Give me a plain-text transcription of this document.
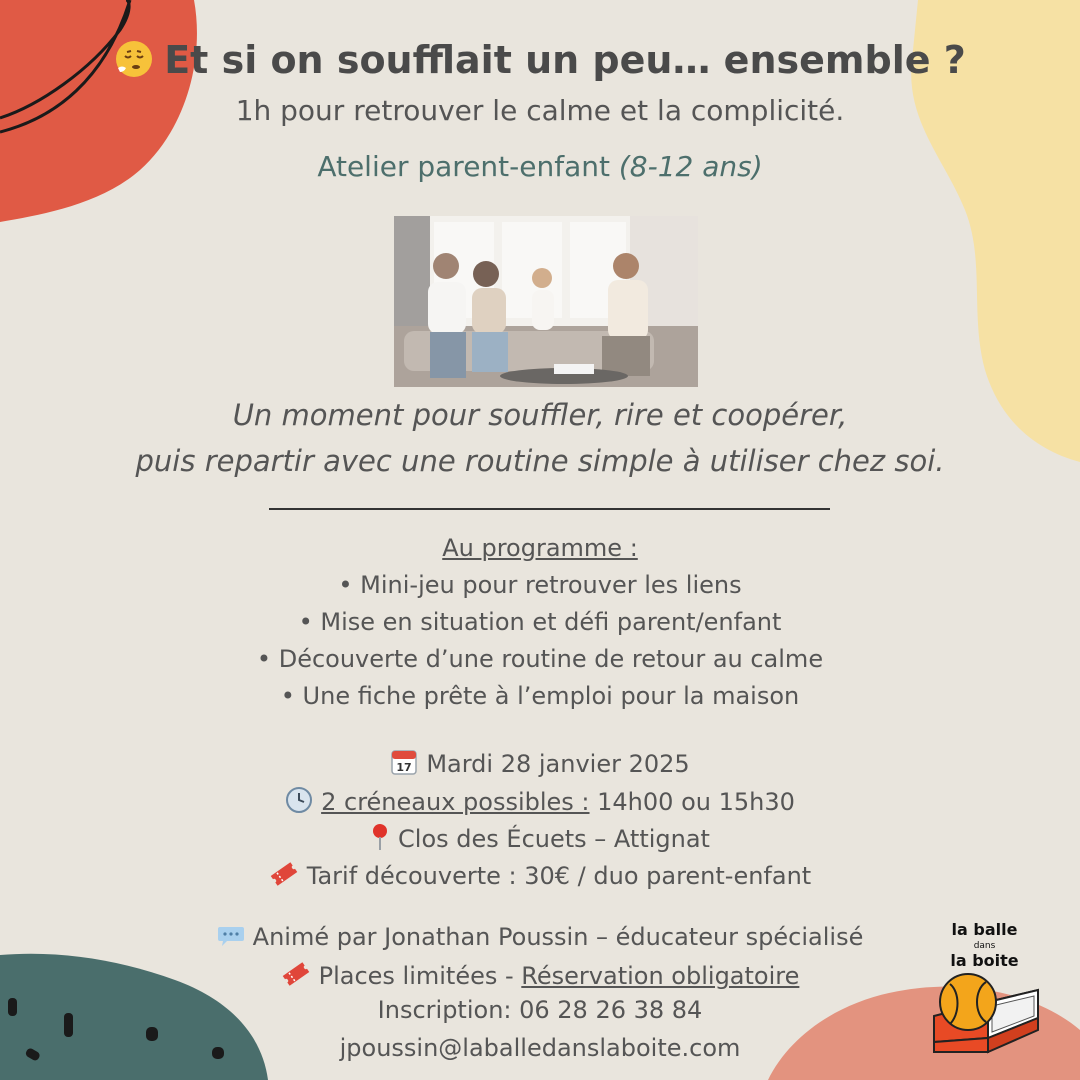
Et si on soufflait un peu… ensemble ?
1h pour retrouver le calme et la complicité.
Atelier parent-enfant (8-12 ans)
Un moment pour souffler, rire et coopérer,
puis repartir avec une routine simple à utiliser chez soi.
Au programme :
• Mini-jeu pour retrouver les liens
• Mise en situation et défi parent/enfant
• Découverte d’une routine de retour au calme
• Une fiche prête à l’emploi pour la maison
17 Mardi 28 janvier 2025
2 créneaux possibles : 14h00 ou 15h30
Clos des Écuets – Attignat
Tarif découverte : 30€ / duo parent-enfant
Animé par Jonathan Poussin – éducateur spécialisé
Places limitées - Réservation obligatoire
Inscription: 06 28 26 38 84
jpoussin@laballedanslaboite.com
la balle
dans
la boite
